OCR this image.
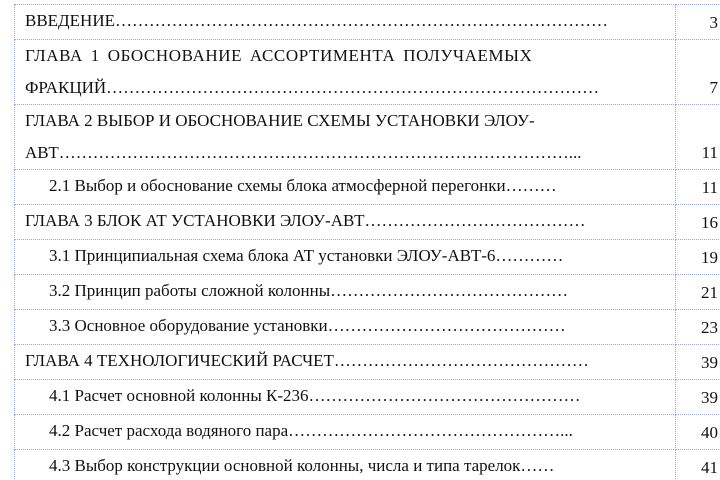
ВВЕДЕНИЕ……………………………………………………………………………	3

ГЛАВА 1 ОБОСНОВАНИЕ АССОРТИМЕНТА ПОЛУЧАЕМЫХ
ФРАКЦИЙ……………………………………………………………………………	7

ГЛАВА 2 ВЫБОР И ОБОСНОВАНИЕ СХЕМЫ УСТАНОВКИ ЭЛОУ-
АВТ………………………………………………………………………………...	11
2.1 Выбор и обоснование схемы блока атмосферной перегонки………	11
ГЛАВА 3 БЛОК АТ УСТАНОВКИ ЭЛОУ-АВТ…………………………………	16
3.1 Принципиальная схема блока АТ установки ЭЛОУ-АВТ-6…………	19
3.2 Принцип работы сложной колонны……………………………………	21
3.3 Основное оборудование установки……………………………………	23
ГЛАВА 4 ТЕХНОЛОГИЧЕСКИЙ РАСЧЕТ………………………………………	39
4.1 Расчет основной колонны К-236…………………………………………	39
4.2 Расчет расхода водяного пара…………………………………………...	40
4.3 Выбор конструкции основной колонны, числа и типа тарелок……	41
